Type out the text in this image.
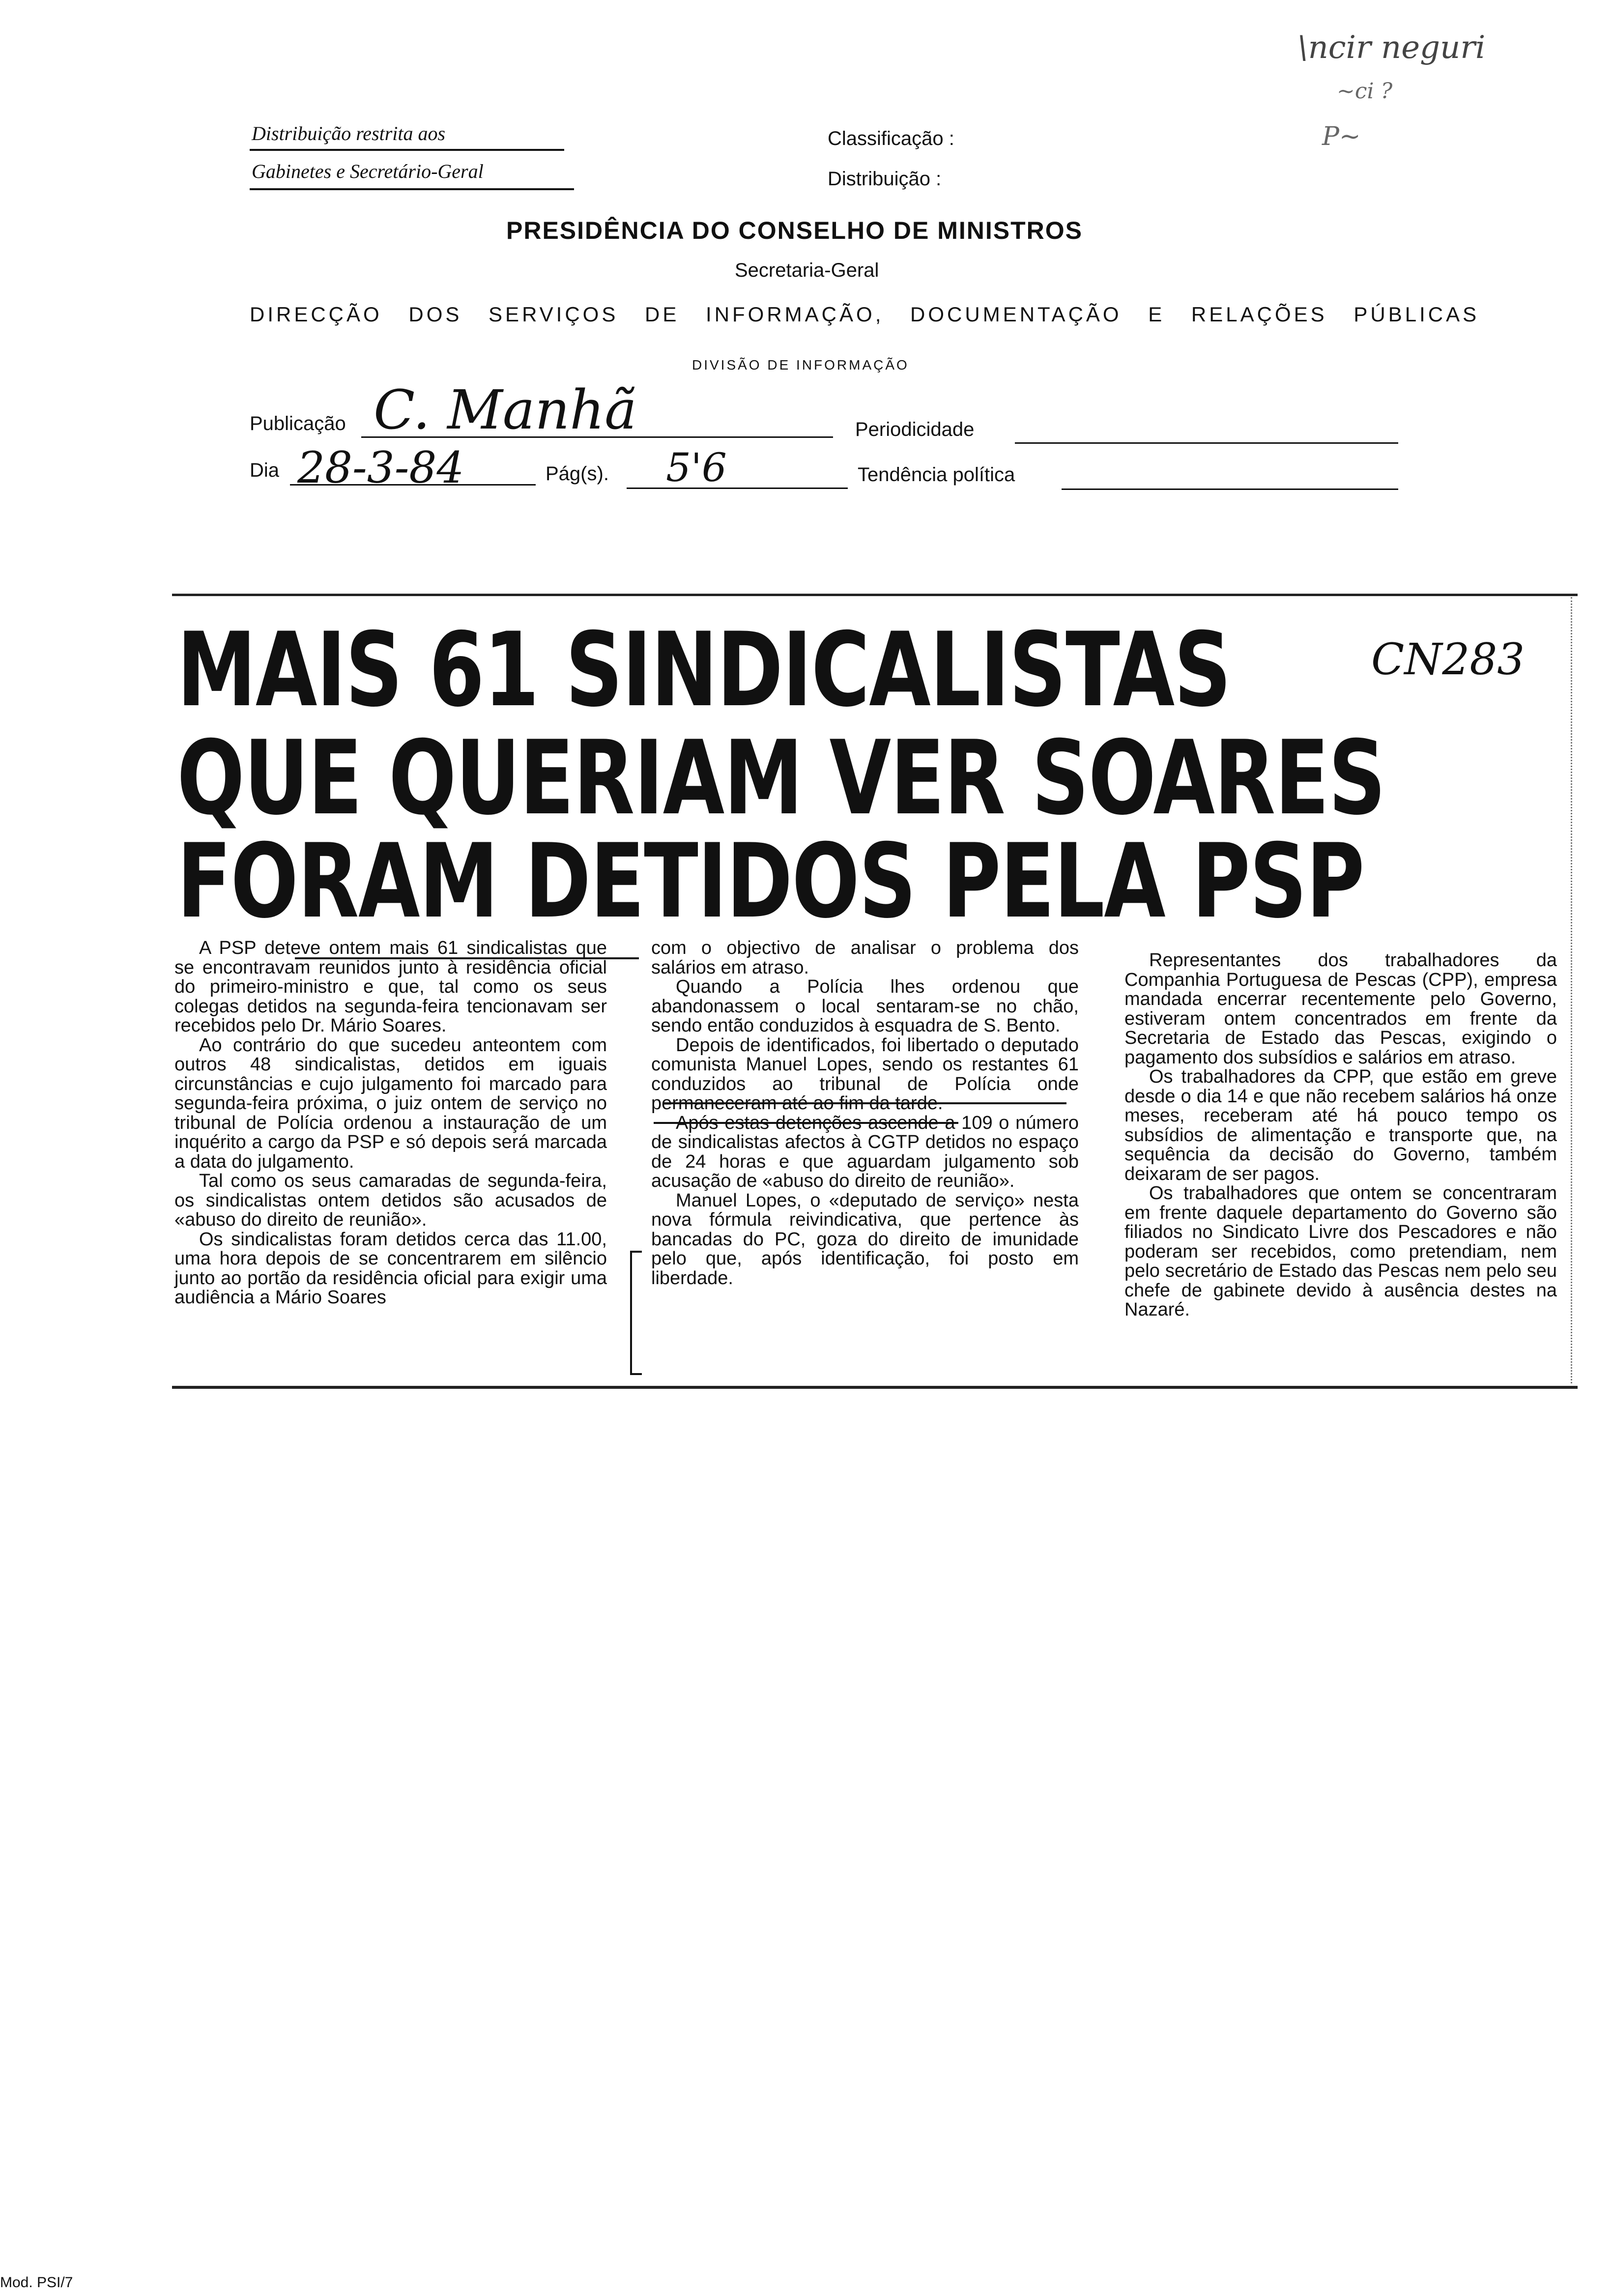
Distribuição restrita aos
Gabinetes e Secretário-Geral
Classificação :
Distribuição :
PRESIDÊNCIA DO CONSELHO DE MINISTROS
Secretaria-Geral
DIRECÇÃO DOS SERVIÇOS DE INFORMAÇÃO, DOCUMENTAÇÃO E RELAÇÕES PÚBLICAS
DIVISÃO DE INFORMAÇÃO
Publicação C. Manhã	Periodicidade
Dia 28-3-84	Pág(s). 5'6	Tendência política
\ncir neguri
~ci ?
P~
MAIS 61 SINDICALISTAS
QUE QUERIAM VER SOARES
FORAM DETIDOS PELA PSP
CN283

A PSP deteve ontem mais 61 sindicalistas que se encontravam reunidos junto à residência oficial do primeiro-ministro e que, tal como os seus colegas detidos na segunda-feira tencionavam ser recebidos pelo Dr. Mário Soares.

Ao contrário do que sucedeu anteontem com outros 48 sindicalistas, detidos em iguais circunstâncias e cujo julgamento foi marcado para segunda-feira próxima, o juiz ontem de serviço no tribunal de Polícia ordenou a instauração de um inquérito a cargo da PSP e só depois será marcada a data do julgamento.

Tal como os seus camaradas de segunda-feira, os sindicalistas ontem detidos são acusados de «abuso do direito de reunião».

Os sindicalistas foram detidos cerca das 11.00, uma hora depois de se concentrarem em silêncio junto ao portão da residência oficial para exigir uma audiência a Mário Soares

com o objectivo de analisar o problema dos salários em atraso.

Quando a Polícia lhes ordenou que abandonassem o local sentaram-se no chão, sendo então conduzidos à esquadra de S. Bento.

Depois de identificados, foi libertado o deputado comunista Manuel Lopes, sendo os restantes 61 conduzidos ao tribunal de Polícia onde permaneceram até ao fim da tarde.

Após estas detenções ascende a 109 o número de sindicalistas afectos à CGTP detidos no espaço de 24 horas e que aguardam julgamento sob acusação de «abuso do direito de reunião».

Manuel Lopes, o «deputado de serviço» nesta nova fórmula reivindicativa, que pertence às bancadas do PC, goza do direito de imunidade pelo que, após identificação, foi posto em liberdade.

Representantes dos trabalhadores da Companhia Portuguesa de Pescas (CPP), empresa mandada encerrar recentemente pelo Governo, estiveram ontem concentrados em frente da Secretaria de Estado das Pescas, exigindo o pagamento dos subsídios e salários em atraso.

Os trabalhadores da CPP, que estão em greve desde o dia 14 e que não recebem salários há onze meses, receberam até há pouco tempo os subsídios de alimentação e transporte que, na sequência da decisão do Governo, também deixaram de ser pagos.

Os trabalhadores que ontem se concentraram em frente daquele departamento do Governo são filiados no Sindicato Livre dos Pescadores e não poderam ser recebidos, como pretendiam, nem pelo secretário de Estado das Pescas nem pelo seu chefe de gabinete devido à ausência destes na Nazaré.

Mod. PSI/7
